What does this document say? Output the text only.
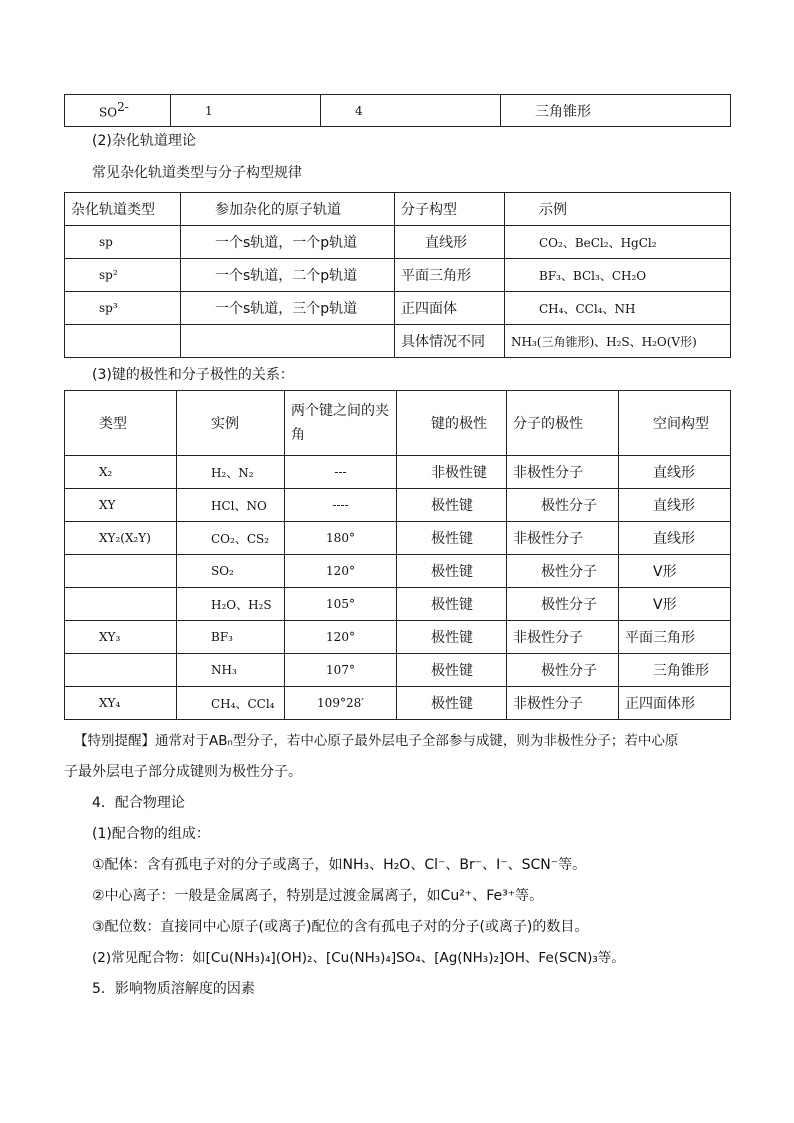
$SO^{2-}$	1	4	三角锥形
(2)杂化轨道理论
常见杂化轨道类型与分子构型规律
杂化轨道类型	参加杂化的原子轨道	分子构型	示例
sp	一个s轨道，一个p轨道	直线形	CO₂、BeCl₂、HgCl₂
sp²	一个s轨道，二个p轨道	平面三角形	BF₃、BCl₃、CH₂O
sp³	一个s轨道，三个p轨道	正四面体	CH₄、CCl₄、NH
		具体情况不同	NH₃(三角锥形)、H₂S、H₂O(V形)
(3)键的极性和分子极性的关系：
类型	实例	两个键之间的夹角	键的极性	分子的极性	空间构型
X₂	H₂、N₂	---	非极性键	非极性分子	直线形
XY	HCl、NO	----	极性键	极性分子	直线形
XY₂(X₂Y)	CO₂、CS₂	180°	极性键	非极性分子	直线形
	SO₂	120°	极性键	极性分子	V形
	H₂O、H₂S	105°	极性键	极性分子	V形
XY₃	BF₃	120°	极性键	非极性分子	平面三角形
	NH₃	107°	极性键	极性分子	三角锥形
XY₄	CH₄、CCl₄	109°28′	极性键	非极性分子	正四面体形
【特别提醒】通常对于ABₙ型分子，若中心原子最外层电子全部参与成键，则为非极性分子；若中心原
子最外层电子部分成键则为极性分子。
4．配合物理论
(1)配合物的组成：
①配体：含有孤电子对的分子或离子，如NH₃、H₂O、Cl⁻、Br⁻、I⁻、SCN⁻等。
②中心离子：一般是金属离子，特别是过渡金属离子，如Cu²⁺、Fe³⁺等。
③配位数：直接同中心原子(或离子)配位的含有孤电子对的分子(或离子)的数目。
(2)常见配合物：如[Cu(NH₃)₄](OH)₂、[Cu(NH₃)₄]SO₄、[Ag(NH₃)₂]OH、Fe(SCN)₃等。
5．影响物质溶解度的因素
